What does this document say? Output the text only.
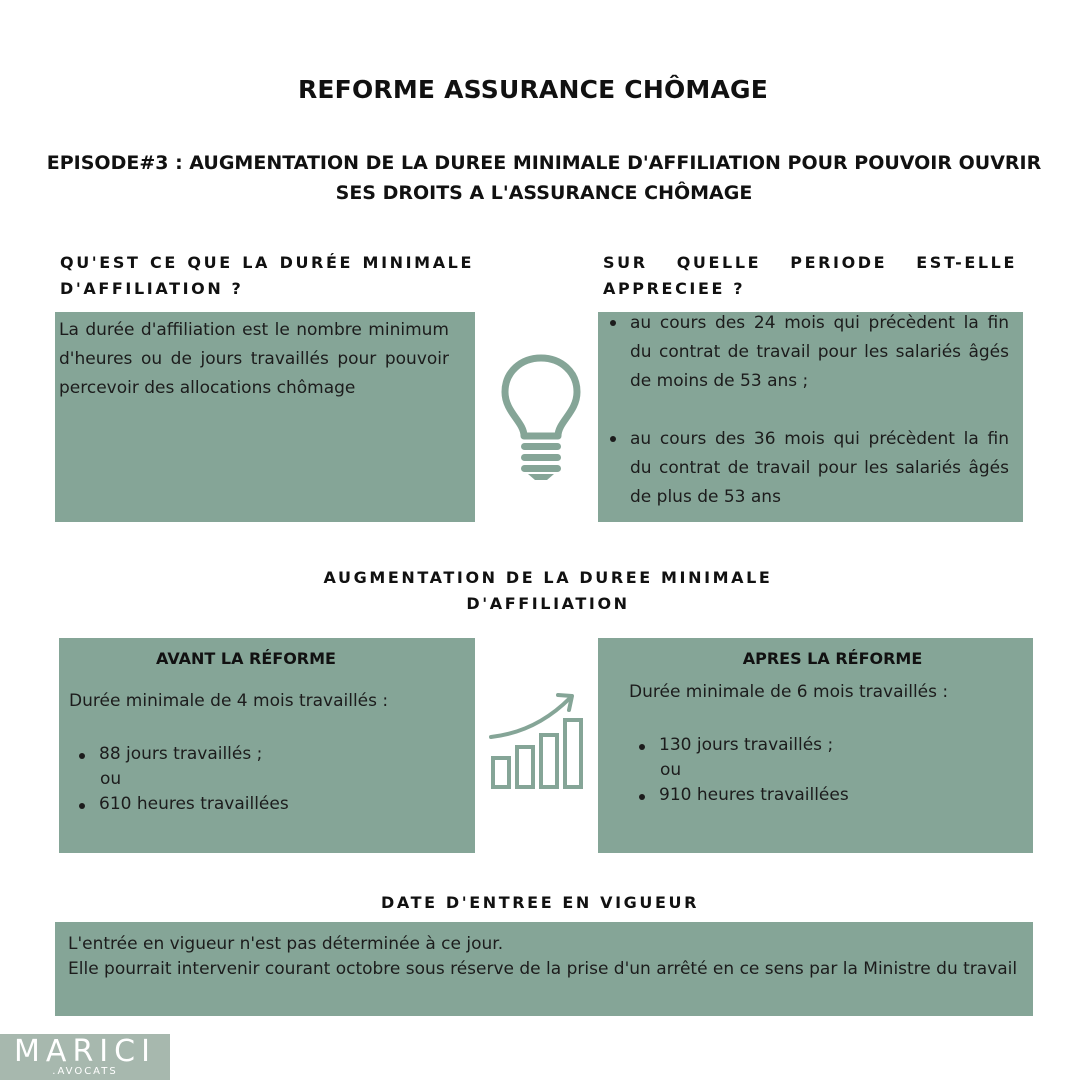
REFORME ASSURANCE CHÔMAGE
EPISODE#3 : AUGMENTATION DE LA DUREE MINIMALE D'AFFILIATION POUR POUVOIR OUVRIR
SES DROITS A L'ASSURANCE CHÔMAGE
QU'EST CE QUE LA DURÉE MINIMALE
D'AFFILIATION ?
La durée d'affiliation est le nombre minimum d'heures ou de jours travaillés pour pouvoir percevoir des allocations chômage
SUR QUELLE PERIODE EST-ELLE
APPRECIEE ?
au cours des 24 mois qui précèdent la fin du contrat de travail pour les salariés âgés de moins de 53 ans ;
au cours des 36 mois qui précèdent la fin du contrat de travail pour les salariés âgés de plus de 53 ans
AUGMENTATION DE LA DUREE MINIMALE
D'AFFILIATION
AVANT LA RÉFORME
Durée minimale de 4 mois travaillés :
88 jours travaillés ;
ou
610 heures travaillées
APRES LA RÉFORME
Durée minimale de 6 mois travaillés :
130 jours travaillés ;
ou
910 heures travaillées
DATE D'ENTREE EN VIGUEUR
L'entrée en vigueur n'est pas déterminée à ce jour.
Elle pourrait intervenir courant octobre sous réserve de la prise d'un arrêté en ce sens par la Ministre du travail
MARICI
.AVOCATS
